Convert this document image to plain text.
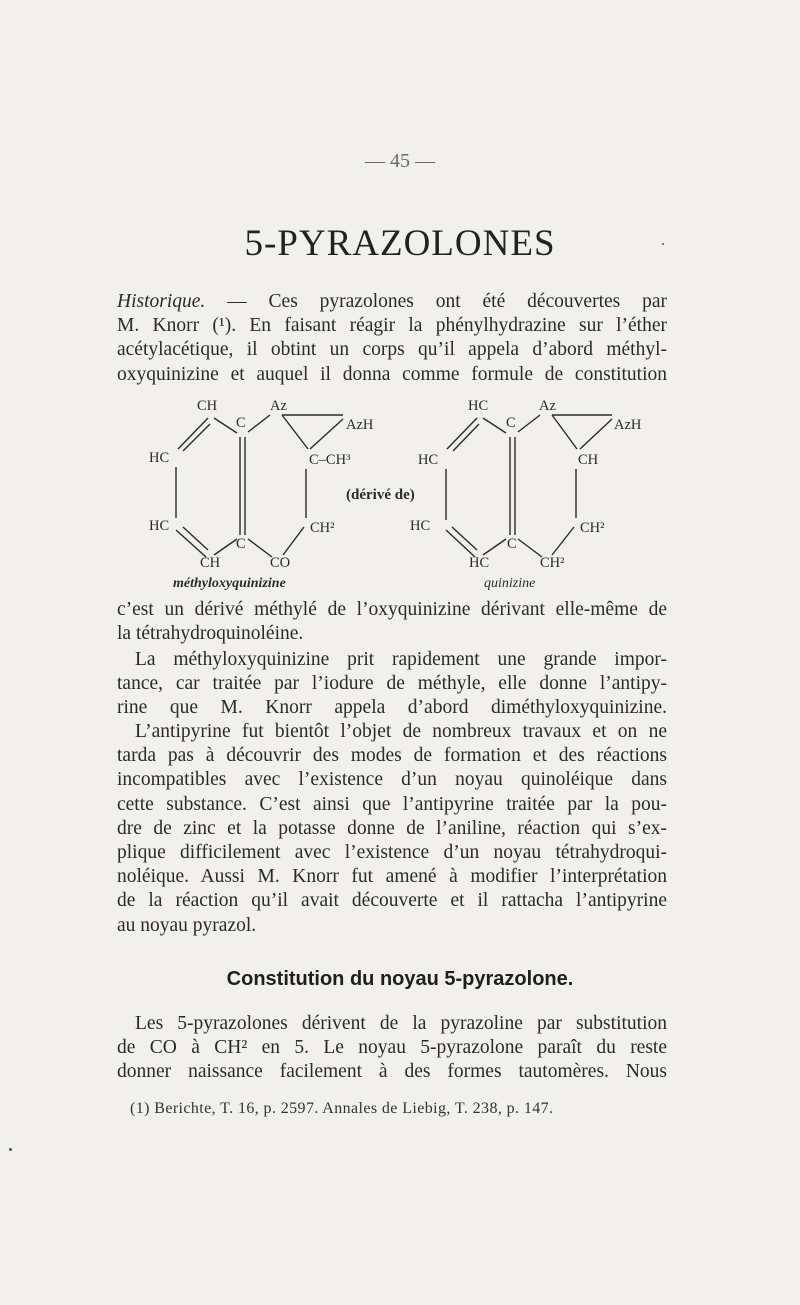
— 45 —
5-PYRAZOLONES
Historique. — Ces pyrazolones ont été découvertes par
M. Knorr (¹). En faisant réagir la phénylhydrazine sur l’éther
acétylacétique, il obtint un corps qu’il appela d’abord méthyl-
oxyquinizine et auquel il donna comme formule de constitution
CH	Az
C	AzH
HC	C–CH³
HC	CH²
C
CH	CO
méthyloxyquinizine
(dérivé de)
HC	Az
C	AzH
HC	CH
HC	CH²
C
HC	CH²
quinizine
c’est un dérivé méthylé de l’oxyquinizine dérivant elle-même de
la tétrahydroquinoléine.
La méthyloxyquinizine prit rapidement une grande impor-
tance, car traitée par l’iodure de méthyle, elle donne l’antipy-
rine que M. Knorr appela d’abord diméthyloxyquinizine.
L’antipyrine fut bientôt l’objet de nombreux travaux et on ne
tarda pas à découvrir des modes de formation et des réactions
incompatibles avec l’existence d’un noyau quinoléique dans
cette substance. C’est ainsi que l’antipyrine traitée par la pou-
dre de zinc et la potasse donne de l’aniline, réaction qui s’ex-
plique difficilement avec l’existence d’un noyau tétrahydroqui-
noléique. Aussi M. Knorr fut amené à modifier l’interprétation
de la réaction qu’il avait découverte et il rattacha l’antipyrine
au noyau pyrazol.
Constitution du noyau 5-pyrazolone.
Les 5-pyrazolones dérivent de la pyrazoline par substitution
de CO à CH² en 5. Le noyau 5-pyrazolone paraît du reste
donner naissance facilement à des formes tautomères. Nous
(1) Berichte, T. 16, p. 2597. Annales de Liebig, T. 238, p. 147.
